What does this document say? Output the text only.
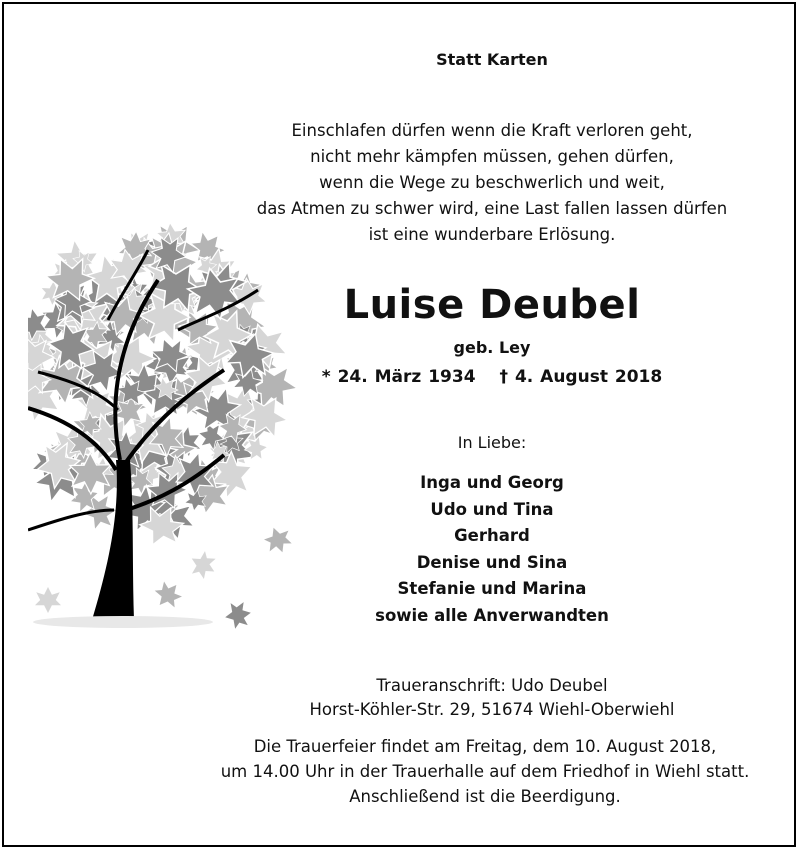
Statt Karten
Einschlafen dürfen wenn die Kraft verloren geht,
nicht mehr kämpfen müssen, gehen dürfen,
wenn die Wege zu beschwerlich und weit,
das Atmen zu schwer wird, eine Last fallen lassen dürfen
ist eine wunderbare Erlösung.
Luise Deubel
geb. Ley
* 24. März 1934 † 4. August 2018
In Liebe:
Inga und Georg
Udo und Tina
Gerhard
Denise und Sina
Stefanie und Marina
sowie alle Anverwandten
Traueranschrift: Udo Deubel
Horst-Köhler-Str. 29, 51674 Wiehl-Oberwiehl
Die Trauerfeier findet am Freitag, dem 10. August 2018,
um 14.00 Uhr in der Trauerhalle auf dem Friedhof in Wiehl statt.
Anschließend ist die Beerdigung.
